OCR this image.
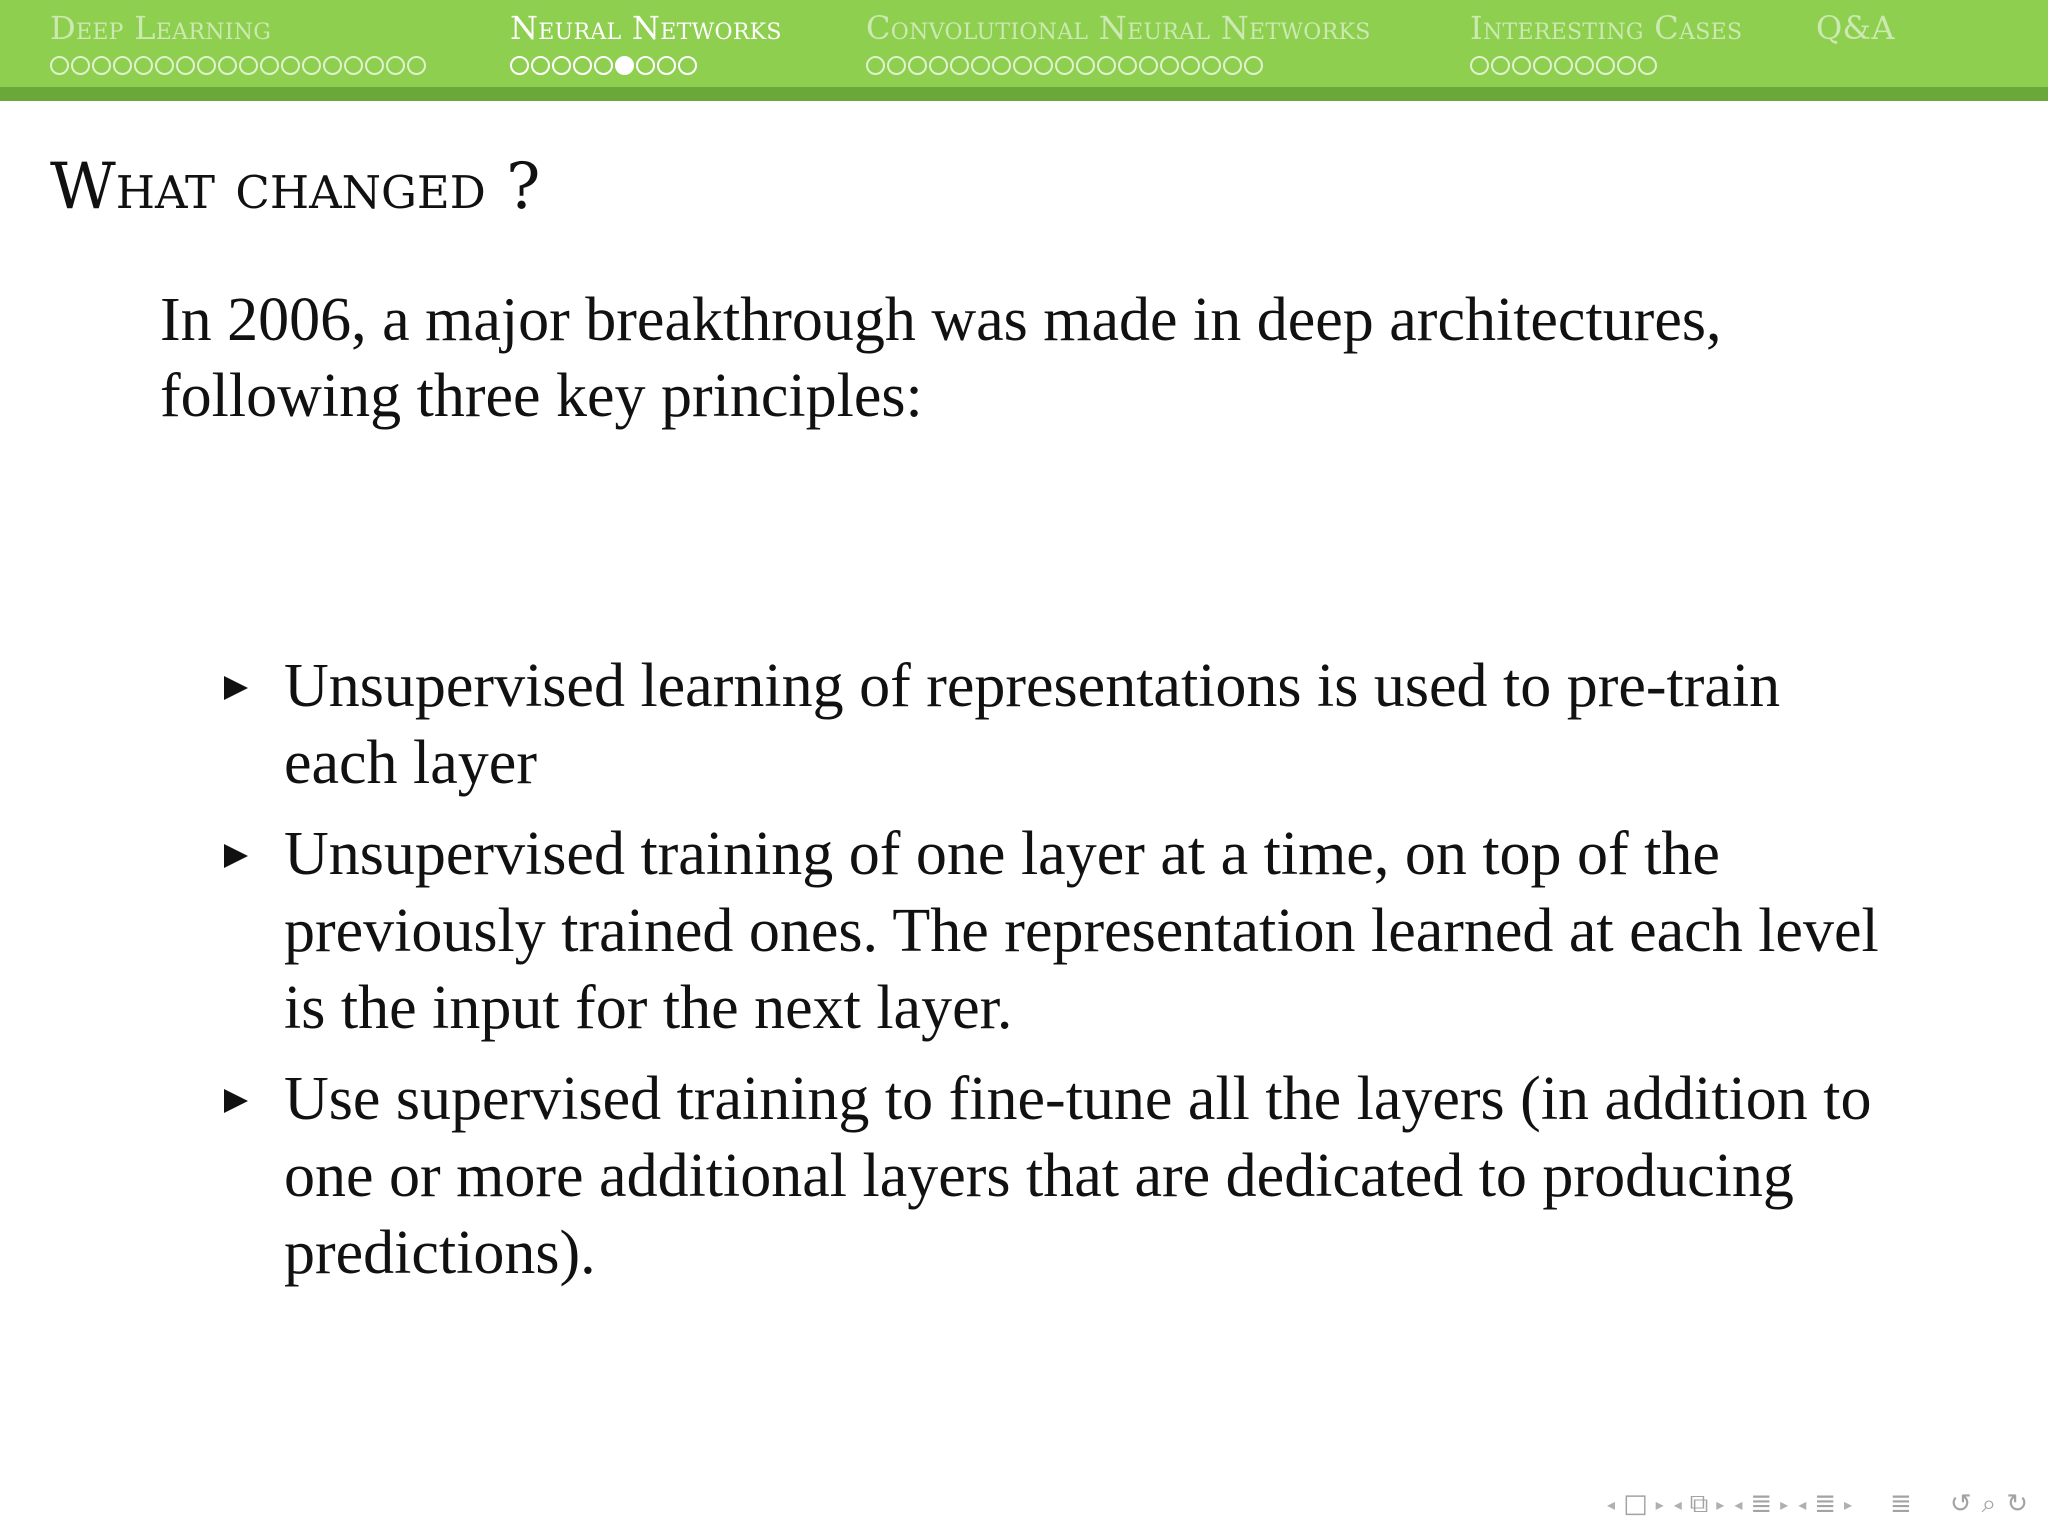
Deep Learning	Neural Networks	Convolutional Neural Networks	Interesting Cases Q&A
What changed ?
In 2006, a major breakthrough was made in deep architectures, following three key principles:
Unsupervised learning of representations is used to pre-train each layer
Unsupervised training of one layer at a time, on top of the previously trained ones. The representation learned at each level is the input for the next layer.
Use supervised training to fine-tune all the layers (in addition to one or more additional layers that are dedicated to producing predictions).
◂ □ ▸ ◂ ⧉ ▸ ◂ ≣ ▸ ◂ ≣ ▸ ≣ ↺ ⌕ ↻
